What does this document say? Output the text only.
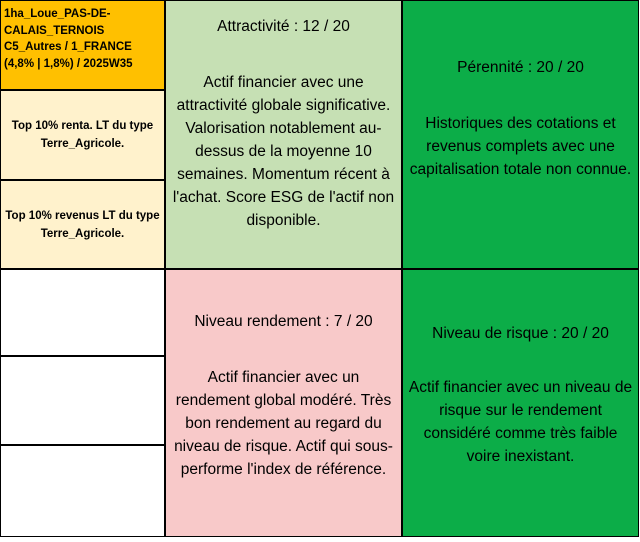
1ha_Loue_PAS-DE-CALAIS_TERNOIS C5_Autres / 1_FRANCE (4,8% | 1,8%) / 2025W35
Top 10% renta. LT du type Terre_Agricole.
Top 10% revenus LT du type Terre_Agricole.
Attractivité : 12 / 20
Actif financier avec une attractivité globale significative. Valorisation notablement au-dessus de la moyenne 10 semaines. Momentum récent à l'achat. Score ESG de l'actif non disponible.
Pérennité : 20 / 20
Historiques des cotations et revenus complets avec une capitalisation totale non connue.
Niveau rendement : 7 / 20
Actif financier avec un rendement global modéré. Très bon rendement au regard du niveau de risque. Actif qui sous-performe l'index de référence.
Niveau de risque : 20 / 20
Actif financier avec un niveau de risque sur le rendement considéré comme très faible voire inexistant.
